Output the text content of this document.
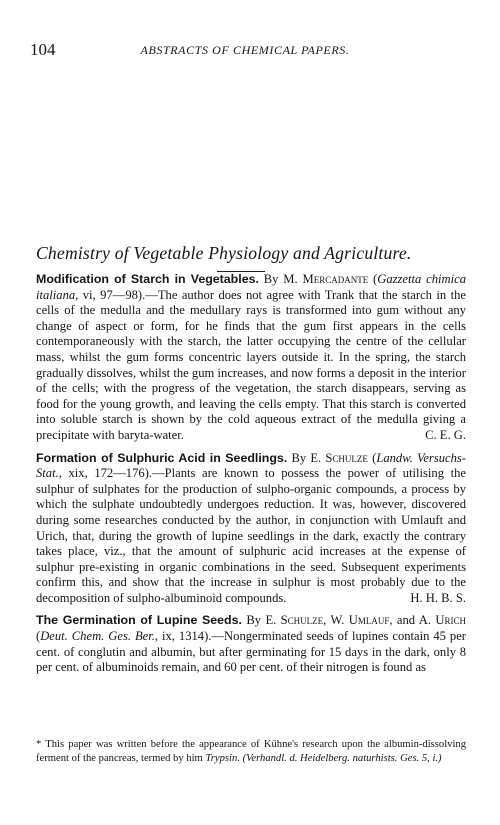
104	ABSTRACTS OF CHEMICAL PAPERS.
Chemistry of Vegetable Physiology and Agriculture.

Modification of Starch in Vegetables. By M. Mercadante (Gazzetta chimica italiana, vi, 97—98).—The author does not agree with Trank that the starch in the cells of the medulla and the medullary rays is transformed into gum without any change of aspect or form, for he finds that the gum first appears in the cells contemporaneously with the starch, the latter occupying the centre of the cellular mass, whilst the gum forms concentric layers outside it. In the spring, the starch gradually dissolves, whilst the gum increases, and now forms a deposit in the interior of the cells; with the progress of the vegetation, the starch disappears, serving as food for the young growth, and leaving the cells empty. That this starch is converted into soluble starch is shown by the cold aqueous extract of the medulla giving a precipitate with baryta-water.	C. E. G.

Formation of Sulphuric Acid in Seedlings. By E. Schulze (Landw. Versuchs-Stat., xix, 172—176).—Plants are known to possess the power of utilising the sulphur of sulphates for the production of sulpho-organic compounds, a process by which the sulphate undoubtedly undergoes reduction. It was, however, discovered during some researches conducted by the author, in conjunction with Umlauft and Urich, that, during the growth of lupine seedlings in the dark, exactly the contrary takes place, viz., that the amount of sulphuric acid increases at the expense of sulphur pre-existing in organic combinations in the seed. Subsequent experiments confirm this, and show that the increase in sulphur is most probably due to the decomposition of sulpho-albuminoid compounds.	H. H. B. S.

The Germination of Lupine Seeds. By E. Schulze, W. Umlauf, and A. Urich (Deut. Chem. Ges. Ber., ix, 1314).—Nongerminated seeds of lupines contain 45 per cent. of conglutin and albumin, but after germinating for 15 days in the dark, only 8 per cent. of albuminoids remain, and 60 per cent. of their nitrogen is found as

* This paper was written before the appearance of Kühne's research upon the albumin-dissolving ferment of the pancreas, termed by him Trypsin. (Verhandl. d. Heidelberg. naturhists. Ges. 5, i.)
